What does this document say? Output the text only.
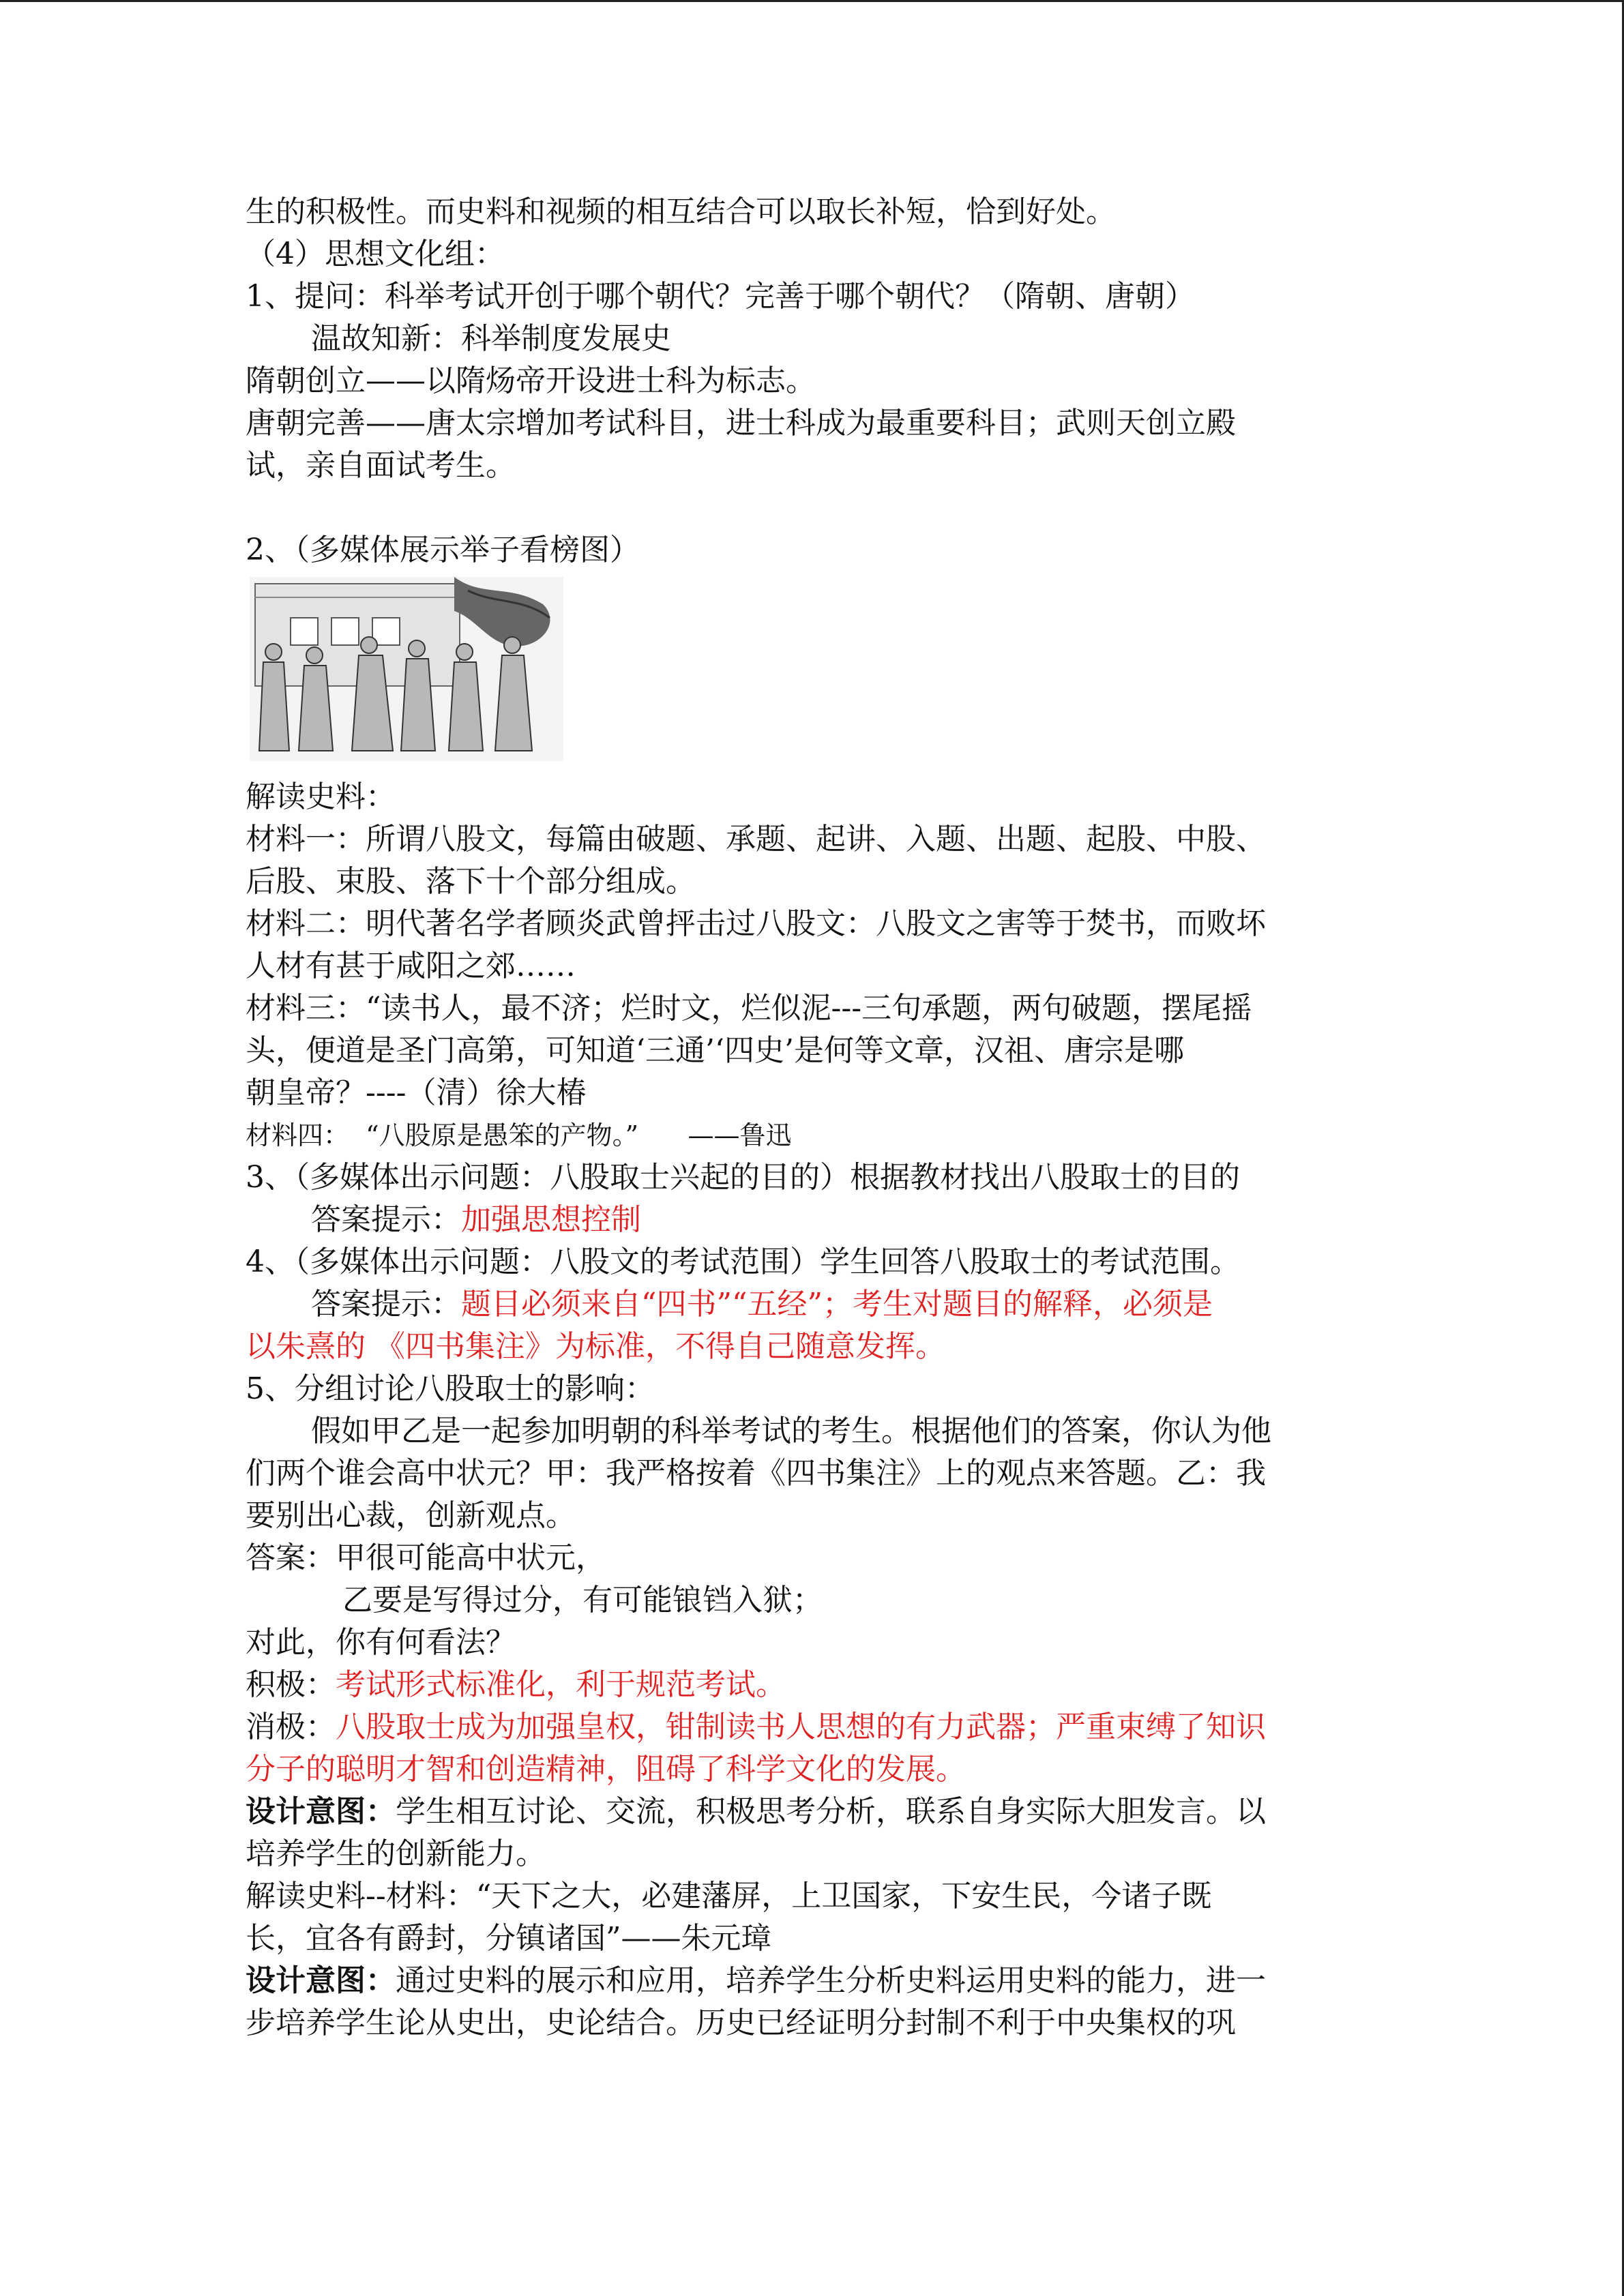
生的积极性。而史料和视频的相互结合可以取长补短，恰到好处。
（4）思想文化组：
1、提问：科举考试开创于哪个朝代？完善于哪个朝代？（隋朝、唐朝）
温故知新：科举制度发展史
隋朝创立——以隋炀帝开设进士科为标志。
唐朝完善——唐太宗增加考试科目，进士科成为最重要科目；武则天创立殿
试，亲自面试考生。
2、（多媒体展示举子看榜图）
解读史料：
材料一：所谓八股文，每篇由破题、承题、起讲、入题、出题、起股、中股、
后股、束股、落下十个部分组成。
材料二：明代著名学者顾炎武曾抨击过八股文：八股文之害等于焚书，而败坏
人材有甚于咸阳之郊……
材料三：“读书人，最不济；烂时文，烂似泥---三句承题，两句破题，摆尾摇
头，便道是圣门高第，可知道‘三通’‘四史’是何等文章，汉祖、唐宗是哪
朝皇帝？----（清）徐大椿
材料四：  “八股原是愚笨的产物。”      ——鲁迅
3、（多媒体出示问题：八股取士兴起的目的）根据教材找出八股取士的目的
答案提示：加强思想控制
4、（多媒体出示问题：八股文的考试范围）学生回答八股取士的考试范围。
答案提示：题目必须来自“四书”“五经”；考生对题目的解释，必须是
以朱熹的 《四书集注》为标准，不得自己随意发挥。
5、分组讨论八股取士的影响：
假如甲乙是一起参加明朝的科举考试的考生。根据他们的答案，你认为他
们两个谁会高中状元？甲：我严格按着《四书集注》上的观点来答题。乙：我
要别出心裁，创新观点。
答案：甲很可能高中状元，
乙要是写得过分，有可能锒铛入狱；
对此，你有何看法？
积极：考试形式标准化，利于规范考试。
消极：八股取士成为加强皇权，钳制读书人思想的有力武器；严重束缚了知识
分子的聪明才智和创造精神，阻碍了科学文化的发展。
设计意图：学生相互讨论、交流，积极思考分析，联系自身实际大胆发言。以
培养学生的创新能力。
解读史料--材料：“天下之大，必建藩屏，上卫国家，下安生民，今诸子既
长，宜各有爵封，分镇诸国”——朱元璋
设计意图：通过史料的展示和应用，培养学生分析史料运用史料的能力，进一
步培养学生论从史出，史论结合。历史已经证明分封制不利于中央集权的巩
